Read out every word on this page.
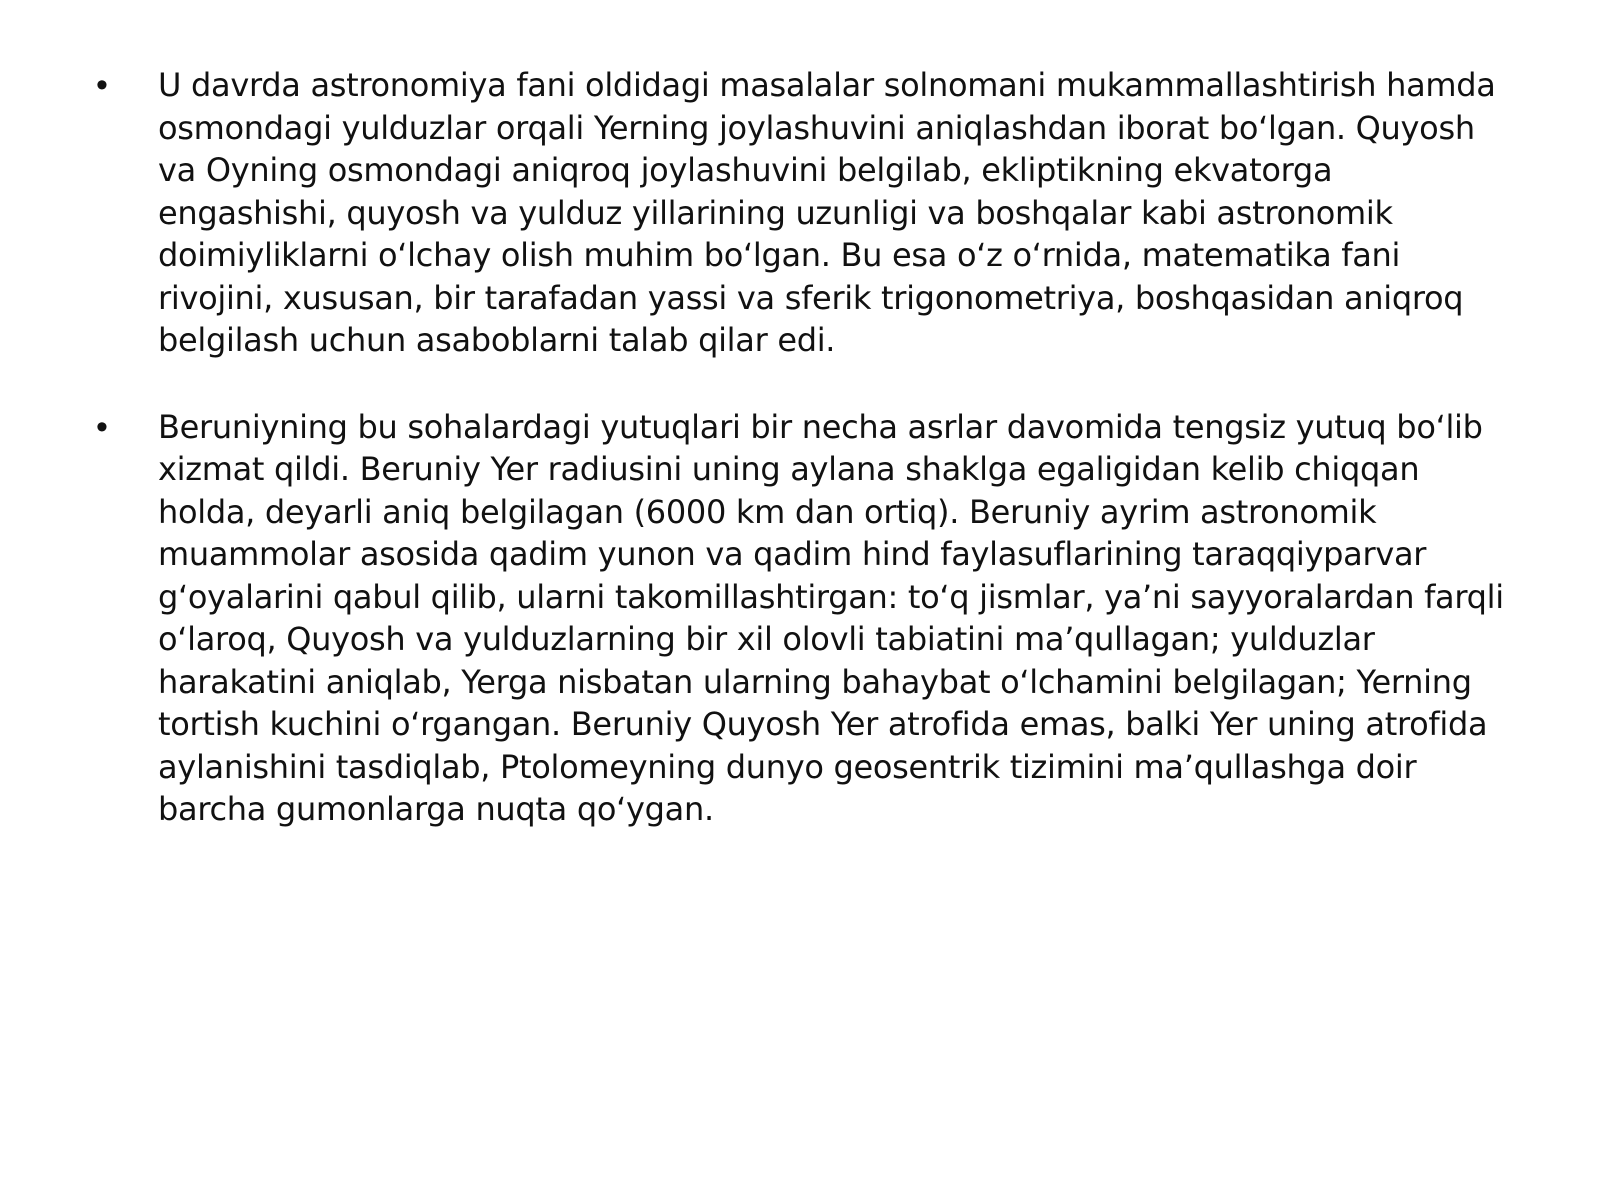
•	U davrda astronomiya fani oldidagi masalalar solnomani mukammallashtirish hamda osmondagi yulduzlar orqali Yerning joylashuvini aniqlashdan iborat bo‘lgan. Quyosh va Oyning osmondagi aniqroq joylashuvini belgilab, ekliptikning ekvatorga engashishi, quyosh va yulduz yillarining uzunligi va boshqalar kabi astronomik doimiyliklarni o‘lchay olish muhim bo‘lgan. Bu esa o‘z o‘rnida, matematika fani rivojini, xususan, bir tarafadan yassi va sferik trigonometriya, boshqasidan aniqroq belgilash uchun asaboblarni talab qilar edi.
•	Beruniyning bu sohalardagi yutuqlari bir necha asrlar davomida tengsiz yutuq bo‘lib xizmat qildi. Beruniy Yer radiusini uning aylana shaklga egaligidan kelib chiqqan holda, deyarli aniq belgilagan (6000 km dan ortiq). Beruniy ayrim astronomik muammolar asosida qadim yunon va qadim hind faylasuflarining taraqqiyparvar g‘oyalarini qabul qilib, ularni takomillashtirgan: to‘q jismlar, ya’ni sayyoralardan farqli o‘laroq, Quyosh va yulduzlarning bir xil olovli tabiatini ma’qullagan; yulduzlar harakatini aniqlab, Yerga nisbatan ularning bahaybat o‘lchamini belgilagan; Yerning tortish kuchini o‘rgangan. Beruniy Quyosh Yer atrofida emas, balki Yer uning atrofida aylanishini tasdiqlab, Ptolomeyning dunyo geosentrik tizimini ma’qullashga doir barcha gumonlarga nuqta qo‘ygan.
